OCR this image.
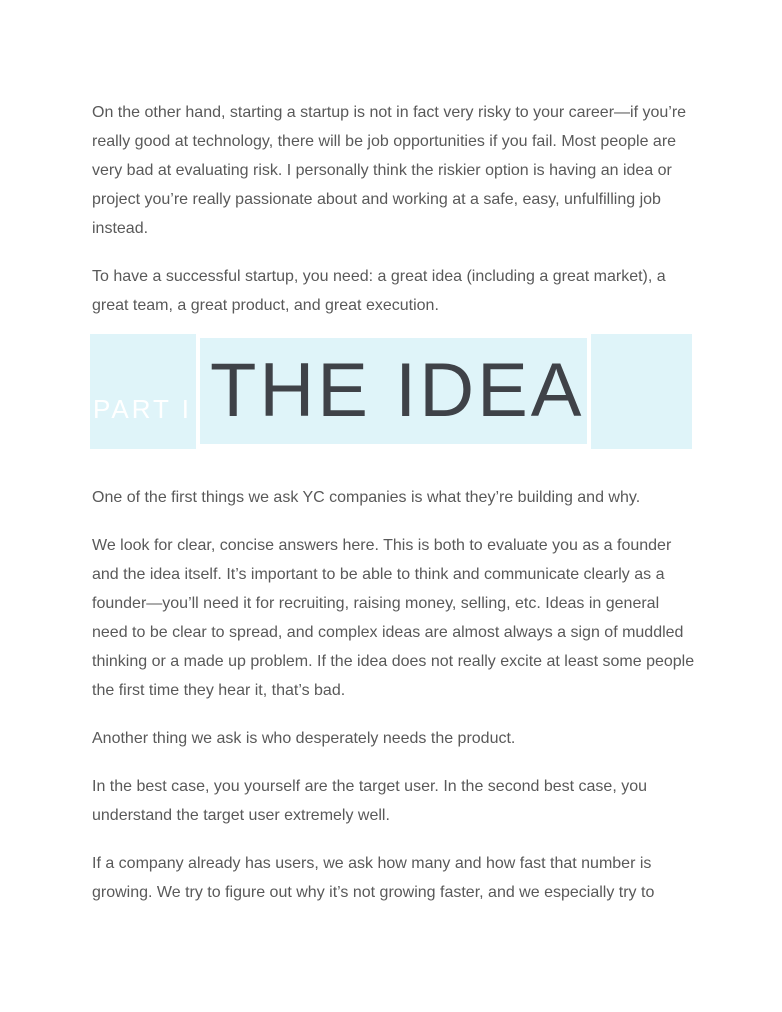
On the other hand, starting a startup is not in fact very risky to your career—if you’re really good at technology, there will be job opportunities if you fail. Most people are very bad at evaluating risk. I personally think the riskier option is having an idea or project you’re really passionate about and working at a safe, easy, unfulfilling job instead.

To have a successful startup, you need: a great idea (including a great market), a great team, a great product, and great execution.

PART I THE IDEA

One of the first things we ask YC companies is what they’re building and why.

We look for clear, concise answers here. This is both to evaluate you as a founder and the idea itself. It’s important to be able to think and communicate clearly as a founder—you’ll need it for recruiting, raising money, selling, etc. Ideas in general need to be clear to spread, and complex ideas are almost always a sign of muddled thinking or a made up problem. If the idea does not really excite at least some people the first time they hear it, that’s bad.

Another thing we ask is who desperately needs the product.

In the best case, you yourself are the target user. In the second best case, you understand the target user extremely well.

If a company already has users, we ask how many and how fast that number is growing. We try to figure out why it’s not growing faster, and we especially try to
